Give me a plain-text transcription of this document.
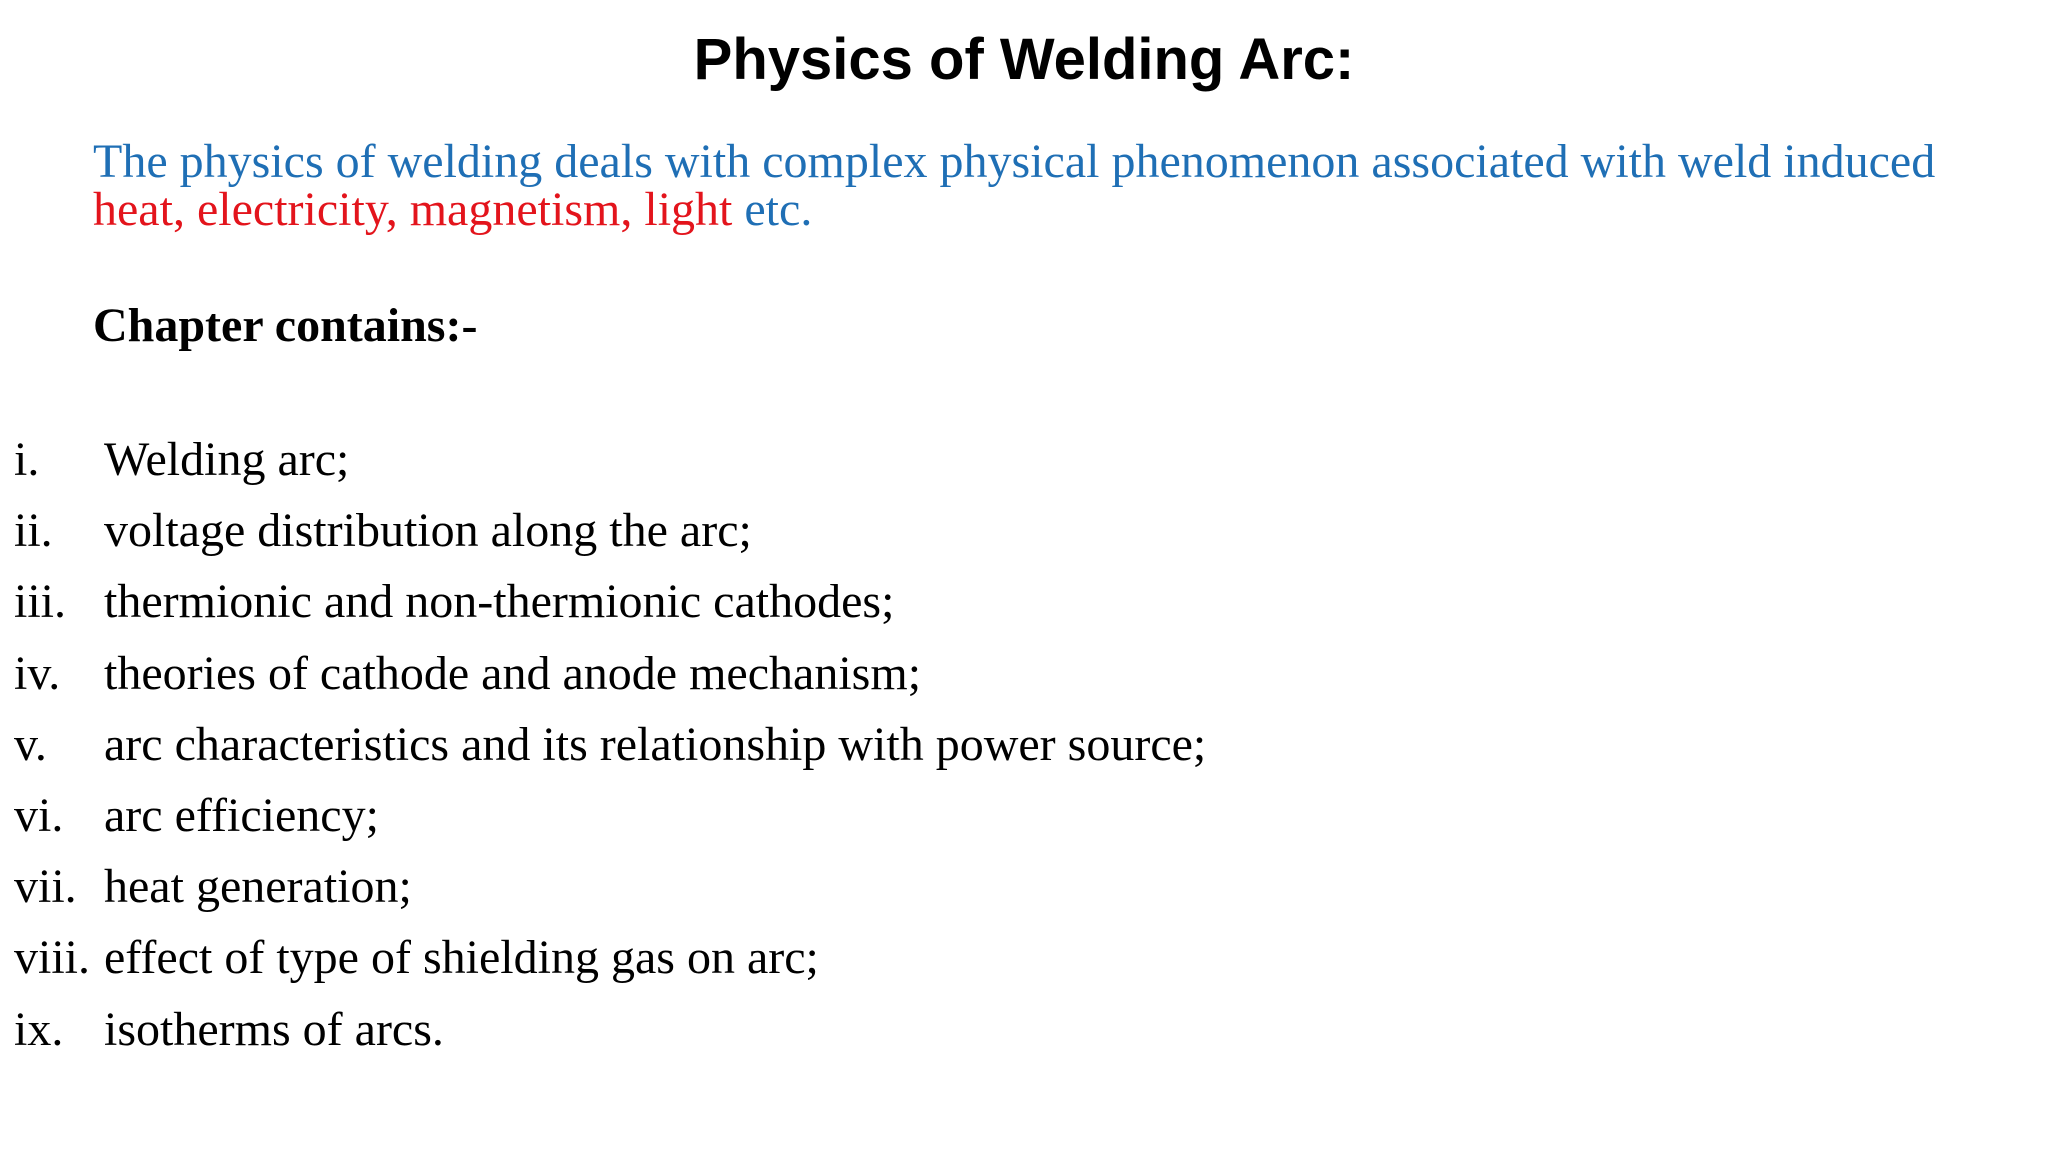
Physics of Welding Arc:
The physics of welding deals with complex physical phenomenon associated with weld induced heat, electricity, magnetism, light etc.
Chapter contains:-
i. Welding arc;
ii. voltage distribution along the arc;
iii. thermionic and non-thermionic cathodes;
iv. theories of cathode and anode mechanism;
v. arc characteristics and its relationship with power source;
vi. arc efficiency;
vii. heat generation;
viii. effect of type of shielding gas on arc;
ix. isotherms of arcs.
